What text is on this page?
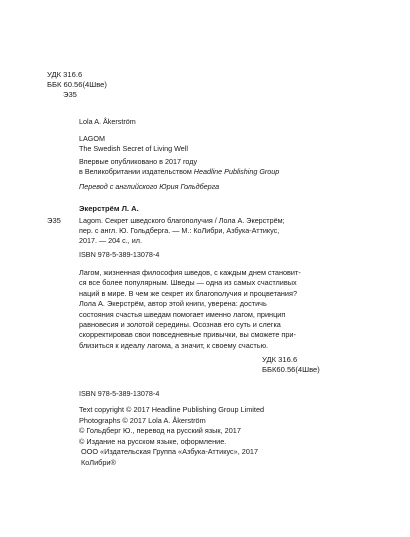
УДК 316.6
ББК 60.56(4Шве)
Э35
Lola A. Åkerström
LAGOM
The Swedish Secret of Living Well
Впервые опубликовано в 2017 году
в Великобритании издательством Headline Publishing Group
Перевод с английского Юрия Гольдберга
Экерстрём Л. А.
Э35	Lagom. Секрет шведского благополучия / Лола А. Экерстрём;
пер. с англ. Ю. Гольдберга. — М.: КоЛибри, Азбука-Аттикус,
2017. — 204 с., ил.
ISBN 978-5-389-13078-4
Лагом, жизненная философия шведов, с каждым днем становит-
ся все более популярным. Шведы — одна из самых счастливых
наций в мире. В чем же секрет их благополучия и процветания?
Лола А. Экерстрём, автор этой книги, уверена: достичь
состояния счастья шведам помогает именно лагом, принцип
равновесия и золотой середины. Осознав его суть и слегка
скорректировав свои повседневные привычки, вы сможете при-
близиться к идеалу лагома, а значит, к своему счастью.
УДК 316.6
ББК60.56(4Шве)
ISBN 978-5-389-13078-4
Text copyright © 2017 Headline Publishing Group Limited
Photographs © 2017 Lola A. Åkerström
© Гольдберг Ю., перевод на русский язык, 2017
© Издание на русском языке, оформление.
ООО «Издательская Группа «Азбука-Аттикус», 2017
КоЛибри®
